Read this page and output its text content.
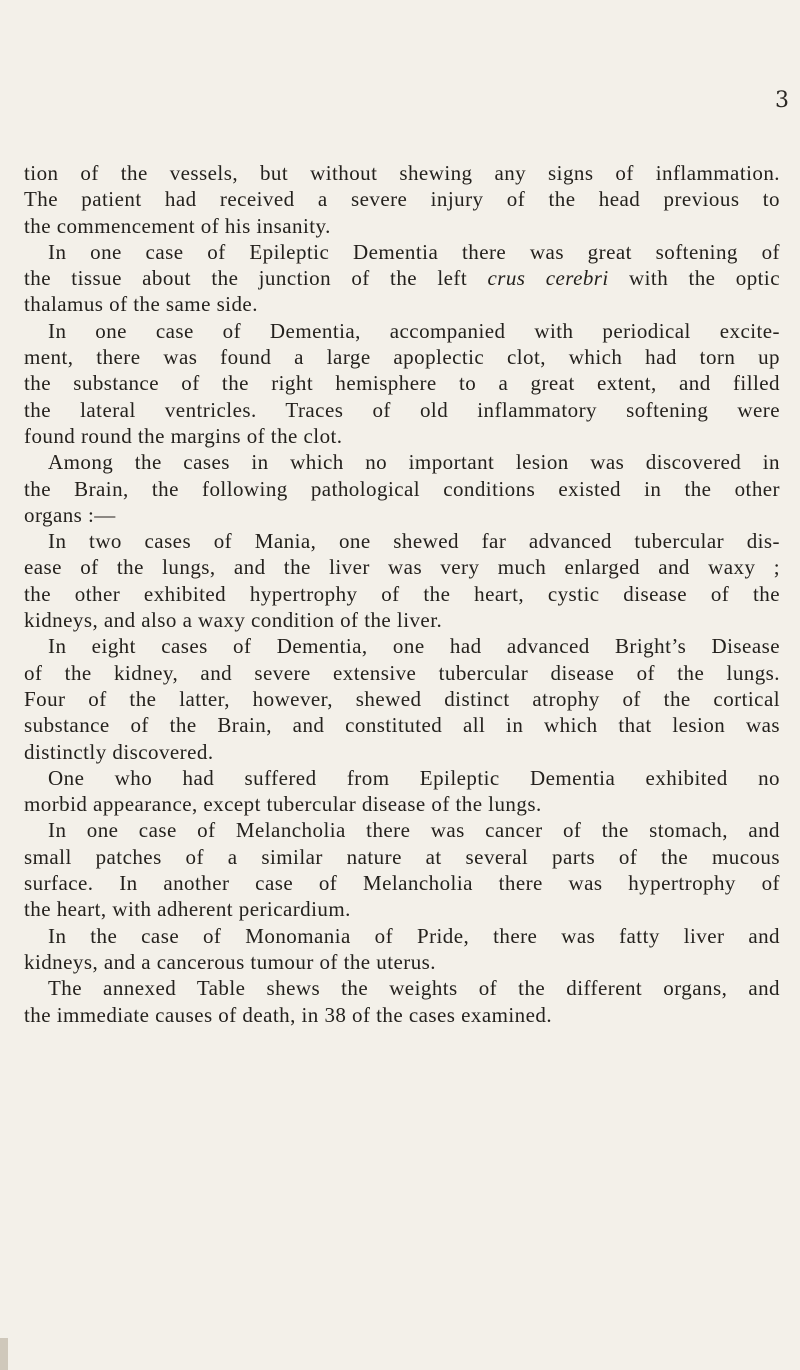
3
tion of the vessels, but without shewing any signs of inflammation.
The patient had received a severe injury of the head previous to
the commencement of his insanity.
In one case of Epileptic Dementia there was great softening of
the tissue about the junction of the left crus cerebri with the optic
thalamus of the same side.
In one case of Dementia, accompanied with periodical excite-
ment, there was found a large apoplectic clot, which had torn up
the substance of the right hemisphere to a great extent, and filled
the lateral ventricles. Traces of old inflammatory softening were
found round the margins of the clot.
Among the cases in which no important lesion was discovered in
the Brain, the following pathological conditions existed in the other
organs :—
In two cases of Mania, one shewed far advanced tubercular dis-
ease of the lungs, and the liver was very much enlarged and waxy ;
the other exhibited hypertrophy of the heart, cystic disease of the
kidneys, and also a waxy condition of the liver.
In eight cases of Dementia, one had advanced Bright’s Disease
of the kidney, and severe extensive tubercular disease of the lungs.
Four of the latter, however, shewed distinct atrophy of the cortical
substance of the Brain, and constituted all in which that lesion was
distinctly discovered.
One who had suffered from Epileptic Dementia exhibited no
morbid appearance, except tubercular disease of the lungs.
In one case of Melancholia there was cancer of the stomach, and
small patches of a similar nature at several parts of the mucous
surface. In another case of Melancholia there was hypertrophy of
the heart, with adherent pericardium.
In the case of Monomania of Pride, there was fatty liver and
kidneys, and a cancerous tumour of the uterus.
The annexed Table shews the weights of the different organs, and
the immediate causes of death, in 38 of the cases examined.
